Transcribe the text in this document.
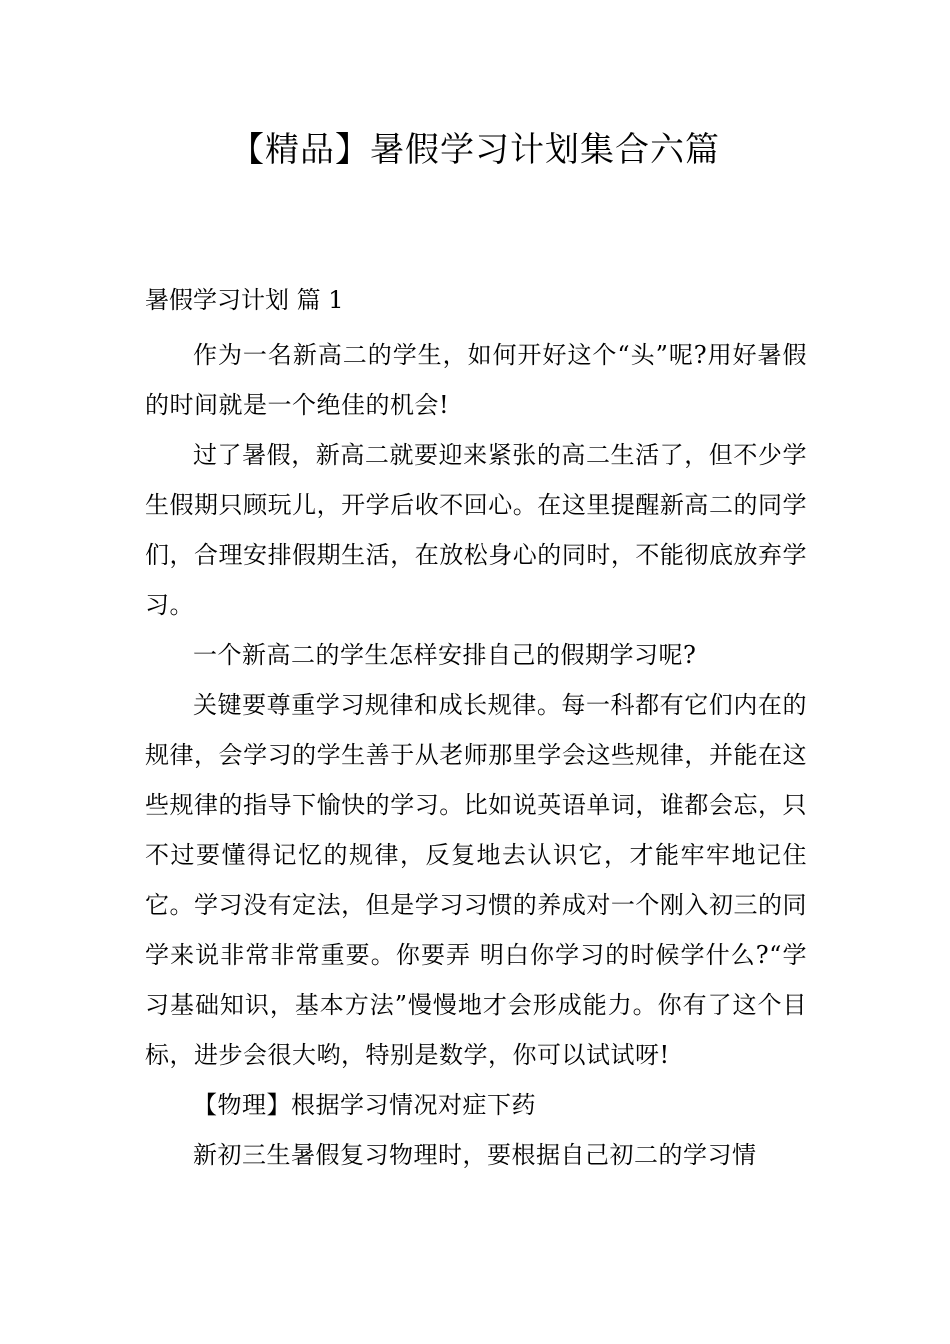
【精品】暑假学习计划集合六篇
暑假学习计划 篇 1

作为一名新高二的学生，如何开好这个“头”呢?用好暑假的时间就是一个绝佳的机会!

过了暑假，新高二就要迎来紧张的高二生活了，但不少学生假期只顾玩儿，开学后收不回心。在这里提醒新高二的同学们，合理安排假期生活，在放松身心的同时，不能彻底放弃学习。

一个新高二的学生怎样安排自己的假期学习呢?

关键要尊重学习规律和成长规律。每一科都有它们内在的规律，会学习的学生善于从老师那里学会这些规律，并能在这些规律的指导下愉快的学习。比如说英语单词，谁都会忘，只不过要懂得记忆的规律，反复地去认识它，才能牢牢地记住它。学习没有定法，但是学习习惯的养成对一个刚入初三的同学来说非常非常重要。你要弄 明白你学习的时候学什么?“学习基础知识，基本方法”慢慢地才会形成能力。你有了这个目标，进步会很大哟，特别是数学，你可以试试呀!

【物理】根据学习情况对症下药

新初三生暑假复习物理时，要根据自己初二的学习情
